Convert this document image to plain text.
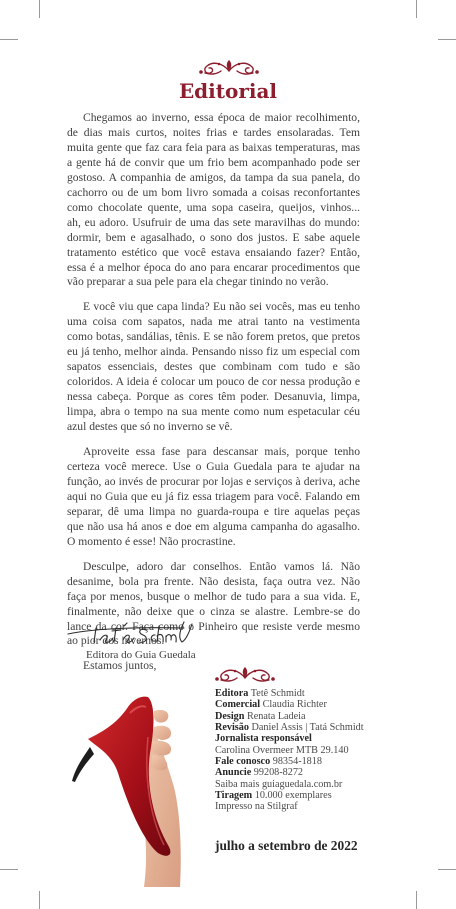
Editorial

Chegamos ao inverno, essa época de maior recolhimento, de dias mais curtos, noites frias e tardes ensolaradas. Tem muita gente que faz cara feia para as baixas temperaturas, mas a gente há de convir que um frio bem acompanhado pode ser gostoso. A companhia de amigos, da tampa da sua panela, do cachorro ou de um bom livro somada a coisas reconfortantes como chocolate quente, uma sopa caseira, queijos, vinhos... ah, eu adoro. Usufruir de uma das sete maravilhas do mundo: dormir, bem e agasalhado, o sono dos justos. E sabe aquele tratamento estético que você estava ensaiando fazer? Então, essa é a melhor época do ano para encarar procedimentos que vão preparar a sua pele para ela chegar tinindo no verão.

E você viu que capa linda? Eu não sei vocês, mas eu tenho uma coisa com sapatos, nada me atrai tanto na vestimenta como botas, sandálias, tênis. E se não forem pretos, que pretos eu já tenho, melhor ainda. Pensando nisso fiz um especial com sapatos essenciais, destes que combinam com tudo e são coloridos. A ideia é colocar um pouco de cor nessa produção e nessa cabeça. Porque as cores têm poder. Desanuvia, limpa, limpa, abra o tempo na sua mente como num espetacular céu azul destes que só no inverno se vê.

Aproveite essa fase para descansar mais, porque tenho certeza você merece. Use o Guia Guedala para te ajudar na função, ao invés de procurar por lojas e serviços à deriva, ache aqui no Guia que eu já fiz essa triagem para você. Falando em separar, dê uma limpa no guarda-roupa e tire aquelas peças que não usa há anos e doe em alguma campanha do agasalho. O momento é esse! Não procrastine.

Desculpe, adoro dar conselhos. Então vamos lá. Não desanime, bola pra frente. Não desista, faça outra vez. Não faça por menos, busque o melhor de tudo para a sua vida. E, finalmente, não deixe que o cinza se alastre. Lembre-se do lance da cor. Faça como o Pinheiro que resiste verde mesmo ao pior dos invernos.

Estamos juntos,

Editora do Guia Guedala
Editora Tetê Schmidt
Comercial Claudia Richter
Design Renata Ladeia
Revisão Daniel Assis | Tatá Schmidt
Jornalista responsável
Carolina Overmeer MTB 29.140
Fale conosco 98354-1818
Anuncie 99208-8272
Saiba mais guiaguedala.com.br
Tiragem 10.000 exemplares
Impresso na Stilgraf
julho a setembro de 2022
